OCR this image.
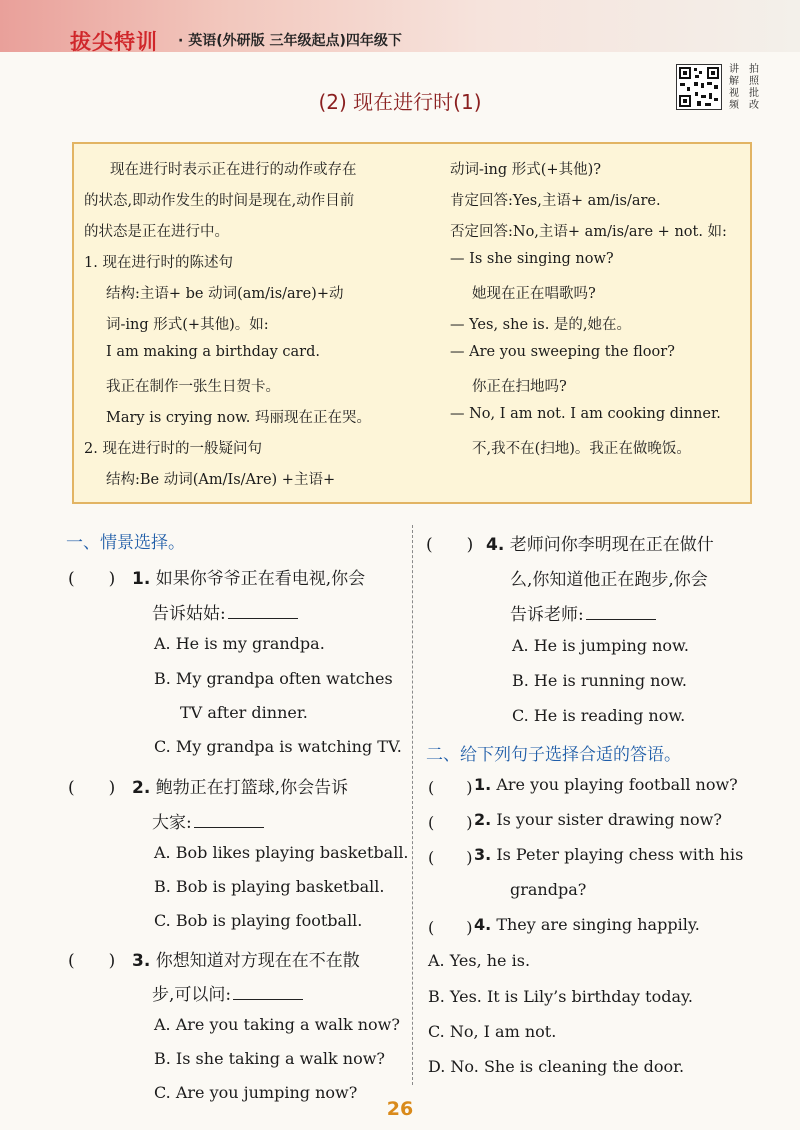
拔尖特训 · 英语(外研版 三年级起点)四年级下
(2) 现在进行时(1)
讲	拍
解	照
视	批
频	改
现在进行时表示正在进行的动作或存在
的状态,即动作发生的时间是现在,动作目前
的状态是正在进行中。
1. 现在进行时的陈述句
结构:主语+ be 动词(am/is/are)+动
词-ing 形式(+其他)。如:
I am making a birthday card.
我正在制作一张生日贺卡。
Mary is crying now. 玛丽现在正在哭。
2. 现在进行时的一般疑问句
结构:Be 动词(Am/Is/Are) +主语+
动词-ing 形式(+其他)?
肯定回答:Yes,主语+ am/is/are.
否定回答:No,主语+ am/is/are + not. 如:
— Is she singing now?
她现在正在唱歌吗?
— Yes, she is. 是的,她在。
— Are you sweeping the floor?
你正在扫地吗?
— No, I am not. I am cooking dinner.
不,我不在(扫地)。我正在做晚饭。
一、情景选择。
(　　) 1. 如果你爷爷正在看电视,你会
告诉姑姑:
A. He is my grandpa.
B. My grandpa often watches
TV after dinner.
C. My grandpa is watching TV.
(　　) 2. 鲍勃正在打篮球,你会告诉
大家:
A. Bob likes playing basketball.
B. Bob is playing basketball.
C. Bob is playing football.
(　　) 3. 你想知道对方现在在不在散
步,可以问:
A. Are you taking a walk now?
B. Is she taking a walk now?
C. Are you jumping now?
(　　) 4. 老师问你李明现在正在做什
么,你知道他正在跑步,你会
告诉老师:
A. He is jumping now.
B. He is running now.
C. He is reading now.
二、给下列句子选择合适的答语。
(　　) 1. Are you playing football now?
(　　) 2. Is your sister drawing now?
(　　) 3. Is Peter playing chess with his
grandpa?
(　　) 4. They are singing happily.
A. Yes, he is.
B. Yes. It is Lily’s birthday today.
C. No, I am not.
D. No. She is cleaning the door.
26
